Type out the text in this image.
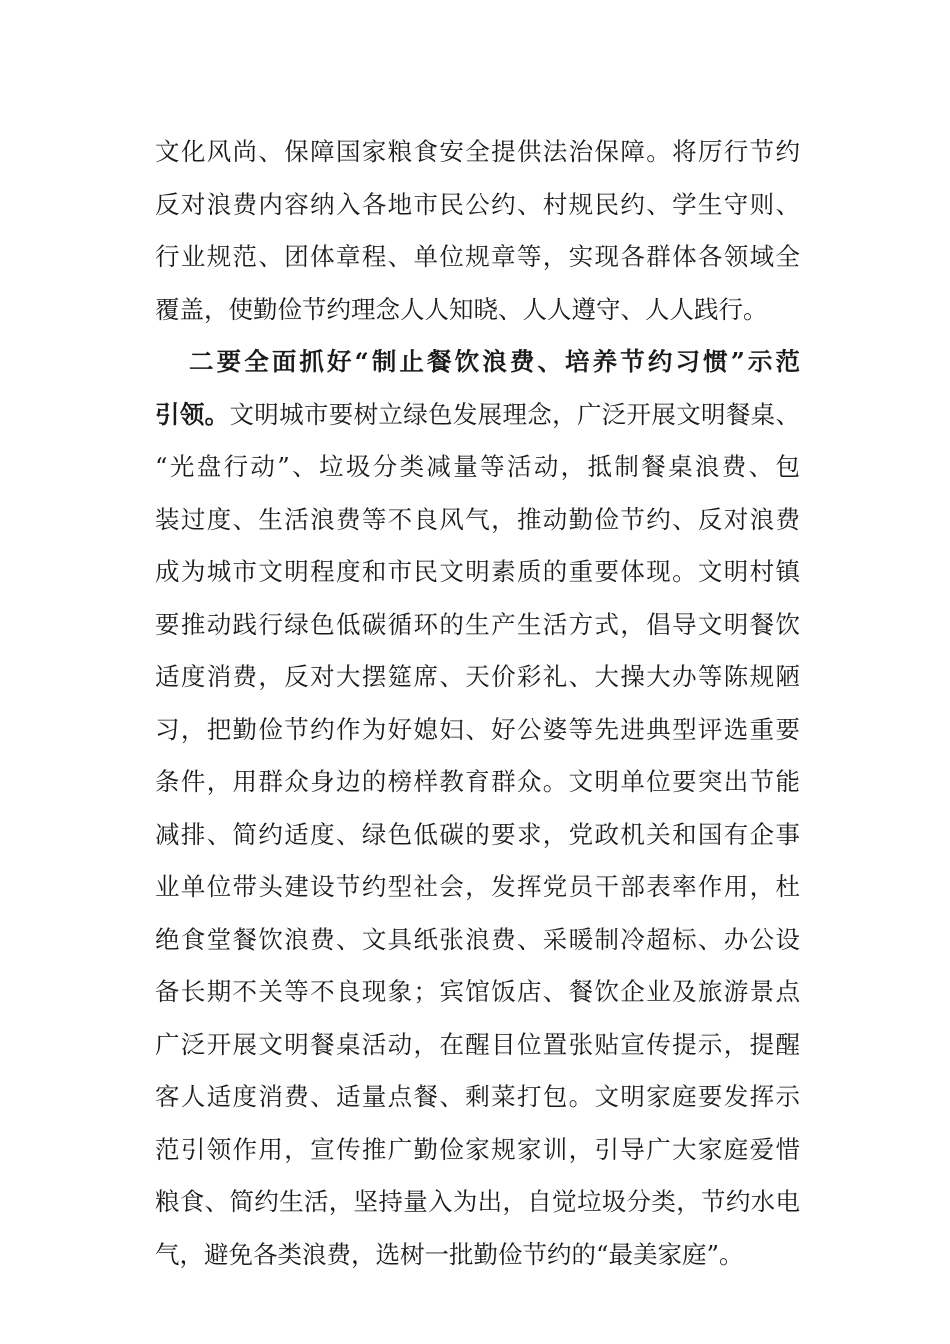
文化风尚、保障国家粮食安全提供法治保障。将厉行节约
反对浪费内容纳入各地市民公约、村规民约、学生守则、
行业规范、团体章程、单位规章等，实现各群体各领域全
覆盖，使勤俭节约理念人人知晓、人人遵守、人人践行。
二要全面抓好“制止餐饮浪费、培养节约习惯”示范
引领。文明城市要树立绿色发展理念，广泛开展文明餐桌、
“光盘行动”、垃圾分类减量等活动，抵制餐桌浪费、包
装过度、生活浪费等不良风气，推动勤俭节约、反对浪费
成为城市文明程度和市民文明素质的重要体现。文明村镇
要推动践行绿色低碳循环的生产生活方式，倡导文明餐饮
适度消费，反对大摆筵席、天价彩礼、大操大办等陈规陋
习，把勤俭节约作为好媳妇、好公婆等先进典型评选重要
条件，用群众身边的榜样教育群众。文明单位要突出节能
减排、简约适度、绿色低碳的要求，党政机关和国有企事
业单位带头建设节约型社会，发挥党员干部表率作用，杜
绝食堂餐饮浪费、文具纸张浪费、采暖制冷超标、办公设
备长期不关等不良现象；宾馆饭店、餐饮企业及旅游景点
广泛开展文明餐桌活动，在醒目位置张贴宣传提示，提醒
客人适度消费、适量点餐、剩菜打包。文明家庭要发挥示
范引领作用，宣传推广勤俭家规家训，引导广大家庭爱惜
粮食、简约生活，坚持量入为出，自觉垃圾分类，节约水电
气，避免各类浪费，选树一批勤俭节约的“最美家庭”。
